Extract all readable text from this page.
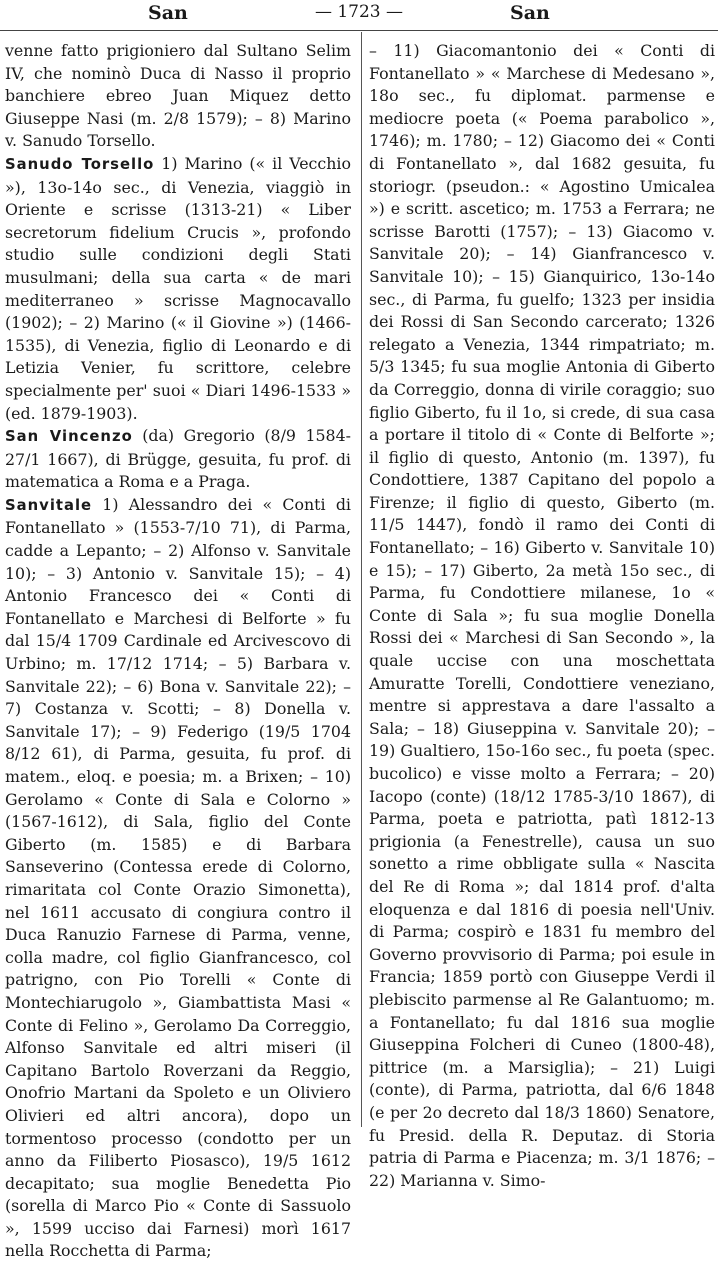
San	— 1723 —	San

venne fatto prigioniero dal Sultano Selim IV, che nominò Duca di Nasso il proprio banchiere ebreo Juan Miquez detto Giuseppe Nasi (m. 2/8 1579); – 8) Marino v. Sanudo Torsello.

Sanudo Torsello 1) Marino (« il Vecchio »), 13o-14o sec., di Venezia, viaggiò in Oriente e scrisse (1313-21) « Liber secretorum fidelium Crucis », profondo studio sulle condizioni degli Stati musulmani; della sua carta « de mari mediterraneo » scrisse Magnocavallo (1902); – 2) Marino (« il Giovine ») (1466-1535), di Venezia, figlio di Leonardo e di Letizia Venier, fu scrittore, celebre specialmente per' suoi « Diari 1496-1533 » (ed. 1879-1903).

San Vincenzo (da) Gregorio (8/9 1584-27/1 1667), di Brügge, gesuita, fu prof. di matematica a Roma e a Praga.

Sanvitale 1) Alessandro dei « Conti di Fontanellato » (1553-7/10 71), di Parma, cadde a Lepanto; – 2) Alfonso v. Sanvitale 10); – 3) Antonio v. Sanvitale 15); – 4) Antonio Francesco dei « Conti di Fontanellato e Marchesi di Belforte » fu dal 15/4 1709 Cardinale ed Arcivescovo di Urbino; m. 17/12 1714; – 5) Barbara v. Sanvitale 22); – 6) Bona v. Sanvitale 22); – 7) Costanza v. Scotti; – 8) Donella v. Sanvitale 17); – 9) Federigo (19/5 1704 8/12 61), di Parma, gesuita, fu prof. di matem., eloq. e poesia; m. a Brixen; – 10) Gerolamo « Conte di Sala e Colorno » (1567-1612), di Sala, figlio del Conte Giberto (m. 1585) e di Barbara Sanseverino (Contessa erede di Colorno, rimaritata col Conte Orazio Simonetta), nel 1611 accusato di congiura contro il Duca Ranuzio Farnese di Parma, venne, colla madre, col figlio Gianfrancesco, col patrigno, con Pio Torelli « Conte di Montechiarugolo », Giambattista Masi « Conte di Felino », Gerolamo Da Correggio, Alfonso Sanvitale ed altri miseri (il Capitano Bartolo Roverzani da Reggio, Onofrio Martani da Spoleto e un Oliviero Olivieri ed altri ancora), dopo un tormentoso processo (condotto per un anno da Filiberto Piosasco), 19/5 1612 decapitato; sua moglie Benedetta Pio (sorella di Marco Pio « Conte di Sassuolo », 1599 ucciso dai Farnesi) morì 1617 nella Rocchetta di Parma;

– 11) Giacomantonio dei « Conti di Fontanellato » « Marchese di Medesano », 18o sec., fu diplomat. parmense e mediocre poeta (« Poema parabolico », 1746); m. 1780; – 12) Giacomo dei « Conti di Fontanellato », dal 1682 gesuita, fu storiogr. (pseudon.: « Agostino Umicalea ») e scritt. ascetico; m. 1753 a Ferrara; ne scrisse Barotti (1757); – 13) Giacomo v. Sanvitale 20); – 14) Gianfrancesco v. Sanvitale 10); – 15) Gianquirico, 13o-14o sec., di Parma, fu guelfo; 1323 per insidia dei Rossi di San Secondo carcerato; 1326 relegato a Venezia, 1344 rimpatriato; m. 5/3 1345; fu sua moglie Antonia di Giberto da Correggio, donna di virile coraggio; suo figlio Giberto, fu il 1o, si crede, di sua casa a portare il titolo di « Conte di Belforte »; il figlio di questo, Antonio (m. 1397), fu Condottiere, 1387 Capitano del popolo a Firenze; il figlio di questo, Giberto (m. 11/5 1447), fondò il ramo dei Conti di Fontanellato; – 16) Giberto v. Sanvitale 10) e 15); – 17) Giberto, 2a metà 15o sec., di Parma, fu Condottiere milanese, 1o « Conte di Sala »; fu sua moglie Donella Rossi dei « Marchesi di San Secondo », la quale uccise con una moschettata Amuratte Torelli, Condottiere veneziano, mentre si apprestava a dare l'assalto a Sala; – 18) Giuseppina v. Sanvitale 20); – 19) Gualtiero, 15o-16o sec., fu poeta (spec. bucolico) e visse molto a Ferrara; – 20) Iacopo (conte) (18/12 1785-3/10 1867), di Parma, poeta e patriotta, patì 1812-13 prigionia (a Fenestrelle), causa un suo sonetto a rime obbligate sulla « Nascita del Re di Roma »; dal 1814 prof. d'alta eloquenza e dal 1816 di poesia nell'Univ. di Parma; cospirò e 1831 fu membro del Governo provvisorio di Parma; poi esule in Francia; 1859 portò con Giuseppe Verdi il plebiscito parmense al Re Galantuomo; m. a Fontanellato; fu dal 1816 sua moglie Giuseppina Folcheri di Cuneo (1800-48), pittrice (m. a Marsiglia); – 21) Luigi (conte), di Parma, patriotta, dal 6/6 1848 (e per 2o decreto dal 18/3 1860) Senatore, fu Presid. della R. Deputaz. di Storia patria di Parma e Piacenza; m. 3/1 1876; – 22) Marianna v. Simo-
